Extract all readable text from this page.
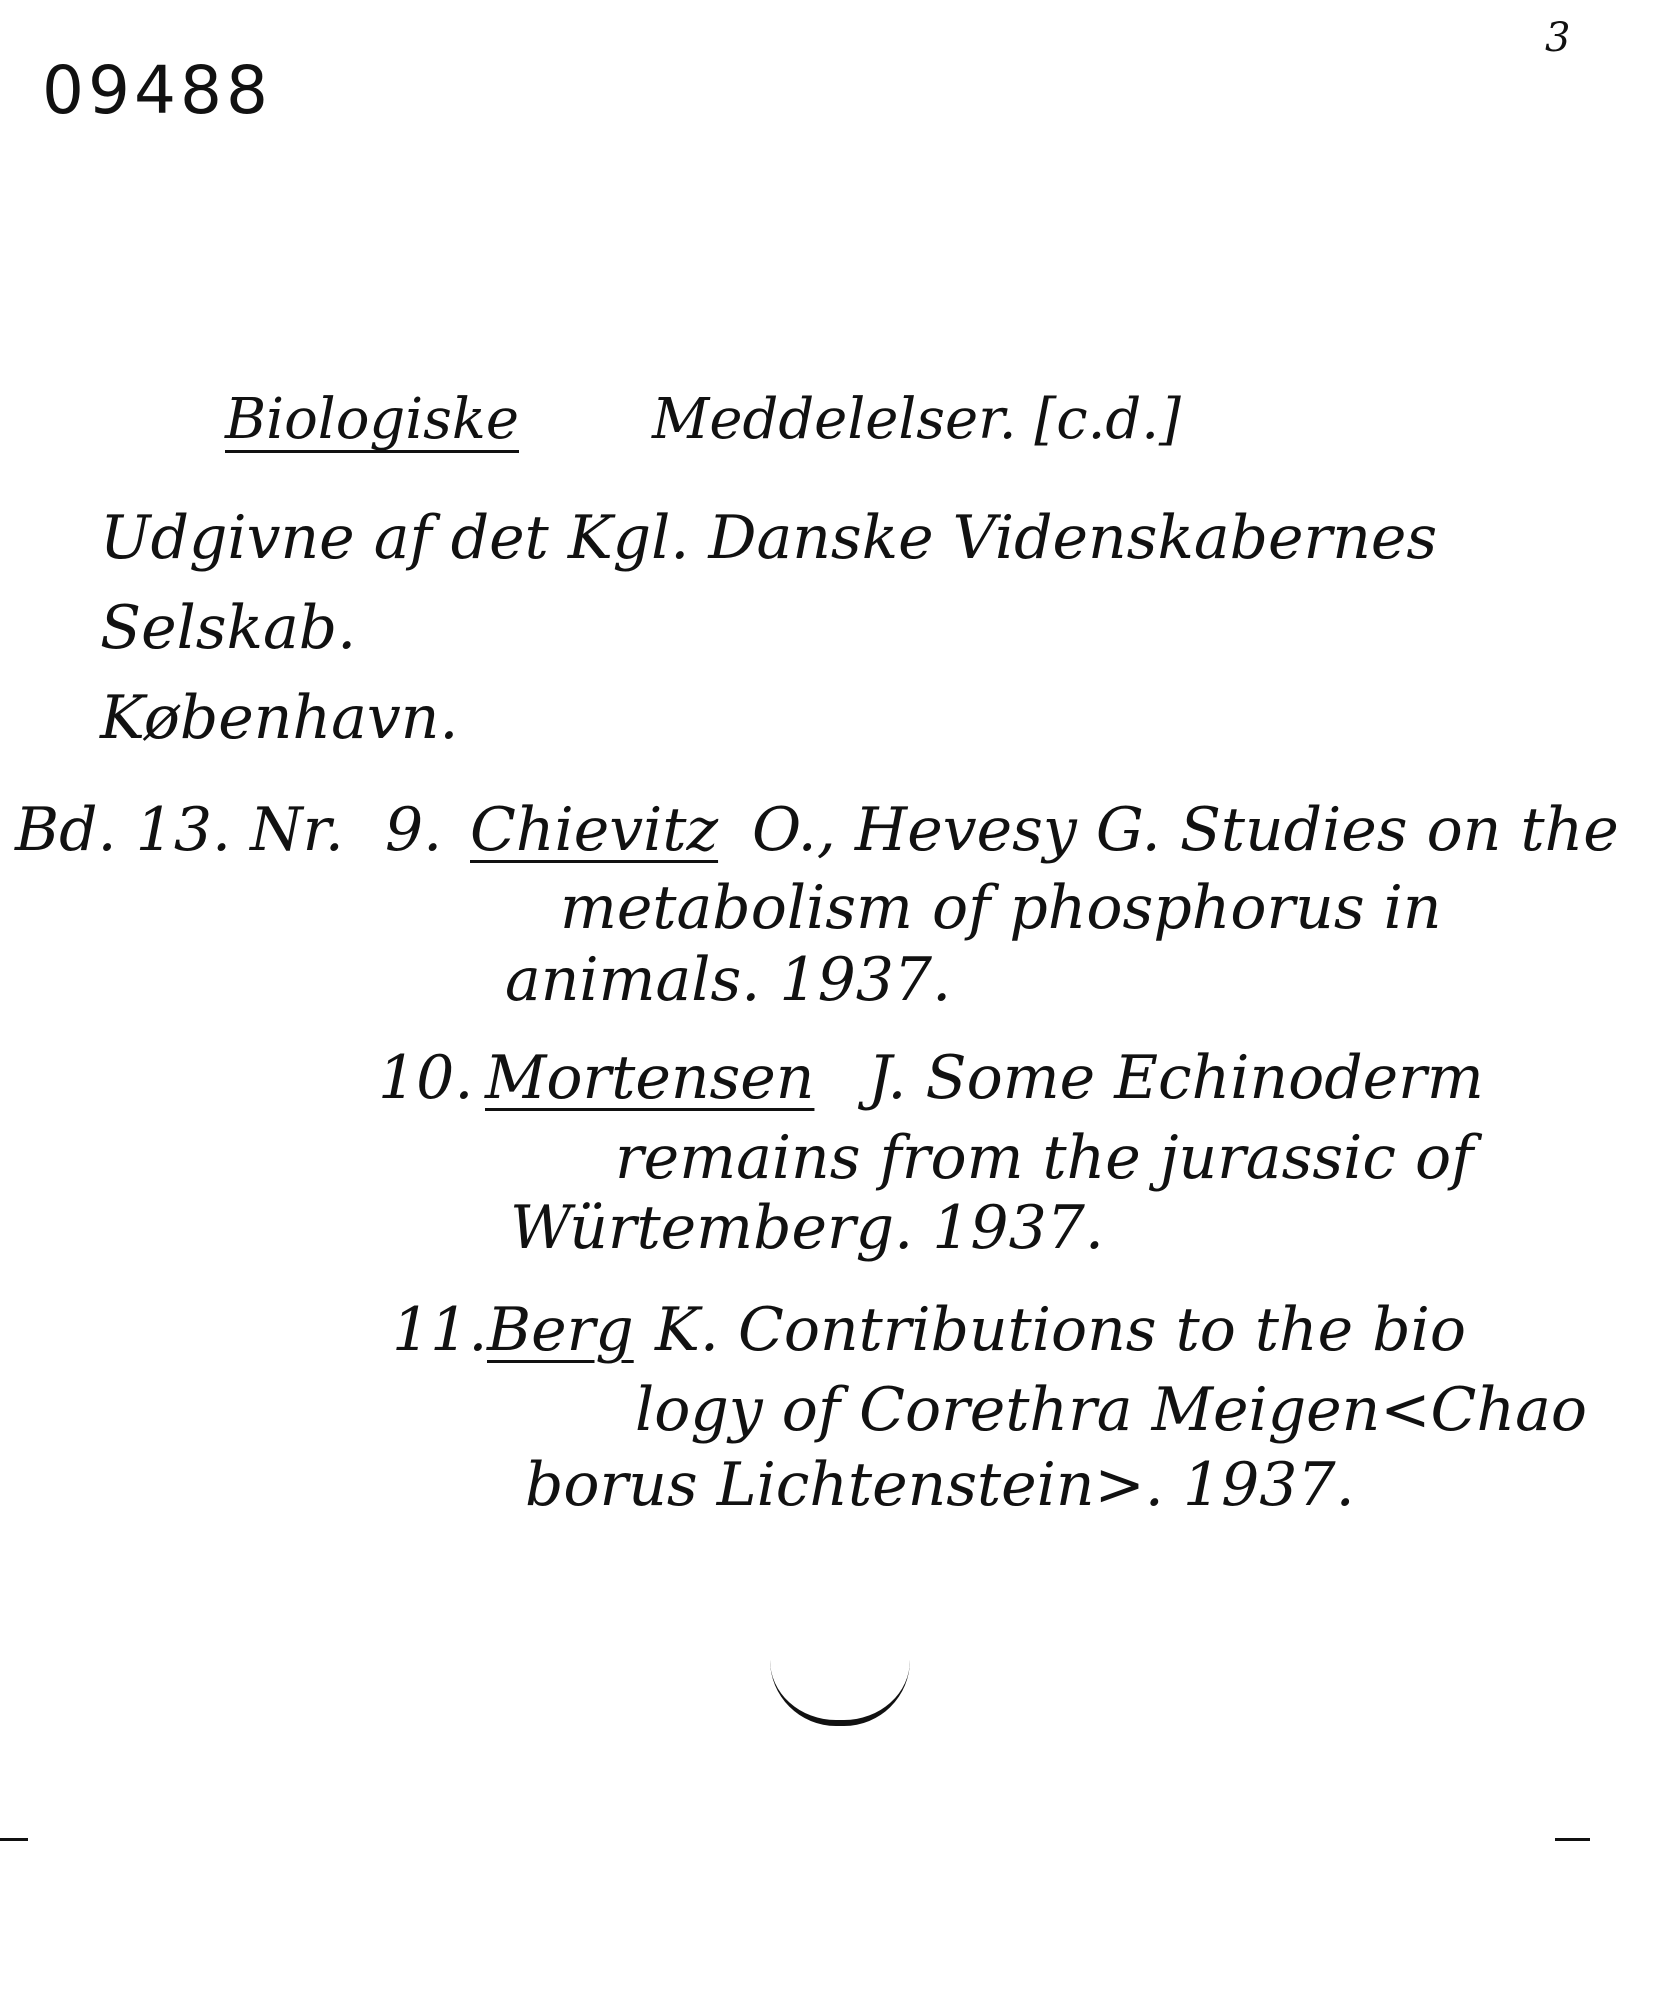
09488
3
Biologiske Meddelelser. [c.d.]
Udgivne af det Kgl. Danske Videnskabernes
Selskab.
København.
Bd. 13. Nr. 9. Chievitz O., Hevesy G. Studies on the
metabolism of phosphorus in
animals. 1937.
10. Mortensen J. Some Echinoderm
remains from the jurassic of
Würtemberg. 1937.
11. Berg K. Contributions to the bio
logy of Corethra Meigen<Chao
borus Lichtenstein>. 1937.
